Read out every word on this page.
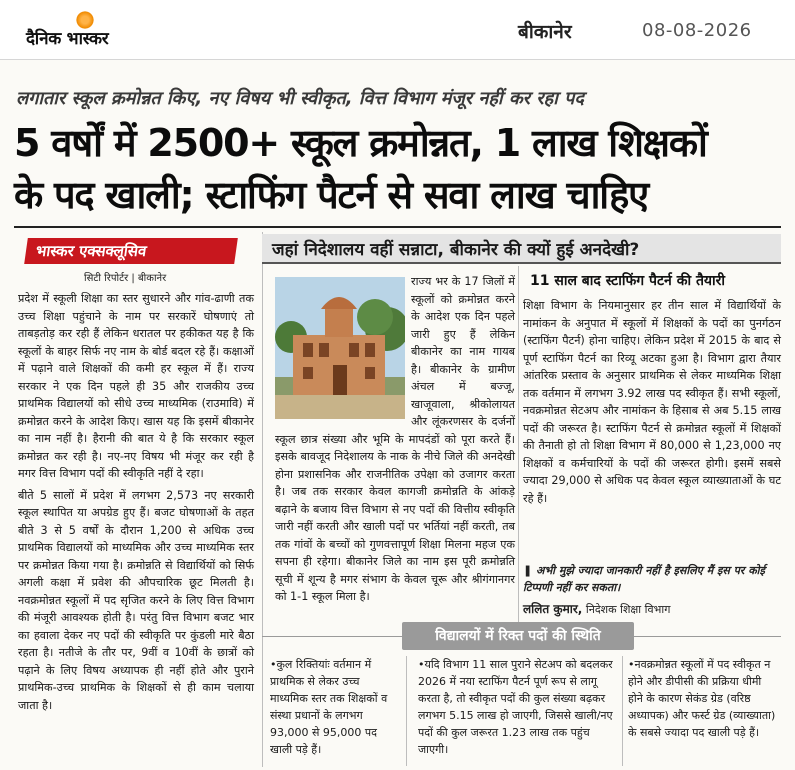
दैनिक भास्कर	बीकानेर	08-08-2026
लगातार स्कूल क्रमोन्नत किए, नए विषय भी स्वीकृत, वित्त विभाग मंजूर नहीं कर रहा पद
5 वर्षों में 2500+ स्कूल क्रमोन्नत, 1 लाख शिक्षकों
के पद खाली; स्टाफिंग पैटर्न से सवा लाख चाहिए
भास्कर एक्सक्लूसिव
सिटी रिपोर्टर | बीकानेर

प्रदेश में स्कूली शिक्षा का स्तर सुधारने और गांव-ढाणी तक उच्च शिक्षा पहुंचाने के नाम पर सरकारें घोषणाएं तो ताबड़तोड़ कर रही हैं लेकिन धरातल पर हकीकत यह है कि स्कूलों के बाहर सिर्फ नए नाम के बोर्ड बदल रहे हैं। कक्षाओं में पढ़ाने वाले शिक्षकों की कमी हर स्कूल में हैं। राज्य सरकार ने एक दिन पहले ही 35 और राजकीय उच्च प्राथमिक विद्यालयों को सीधे उच्च माध्यमिक (राउमावि) में क्रमोन्नत करने के आदेश किए। खास यह कि इसमें बीकानेर का नाम नहीं है। हैरानी की बात ये है कि सरकार स्कूल क्रमोन्नत कर रही है। नए-नए विषय भी मंजूर कर रही है मगर वित्त विभाग पदों की स्वीकृति नहीं दे रहा।

बीते 5 सालों में प्रदेश में लगभग 2,573 नए सरकारी स्कूल स्थापित या अपग्रेड हुए हैं। बजट घोषणाओं के तहत बीते 3 से 5 वर्षों के दौरान 1,200 से अधिक उच्च प्राथमिक विद्यालयों को माध्यमिक और उच्च माध्यमिक स्तर पर क्रमोन्नत किया गया है। क्रमोन्नति से विद्यार्थियों को सिर्फ अगली कक्षा में प्रवेश की औपचारिक छूट मिलती है। नवक्रमोन्नत स्कूलों में पद सृजित करने के लिए वित्त विभाग की मंजूरी आवश्यक होती है। परंतु वित्त विभाग बजट भार का हवाला देकर नए पदों की स्वीकृति पर कुंडली मारे बैठा रहता है। नतीजे के तौर पर, 9वीं व 10वीं के छात्रों को पढ़ाने के लिए विषय अध्यापक ही नहीं होते और पुराने प्राथमिक-उच्च प्राथमिक के शिक्षकों से ही काम चलाया जाता है।

जहां निदेशालय वहीं सन्नाटा, बीकानेर की क्यों हुई अनदेखी?

राज्य भर के 17 जिलों में स्कूलों को क्रमोन्नत करने के आदेश एक दिन पहले जारी हुए हैं लेकिन बीकानेर का नाम गायब है। बीकानेर के ग्रामीण अंचल में बज्जू, खाजूवाला, श्रीकोलायत और लूंकरणसर के दर्जनों स्कूल छात्र संख्या और भूमि के मापदंडों को पूरा करते हैं। इसके बावजूद निदेशालय के नाक के नीचे जिले की अनदेखी होना प्रशासनिक और राजनीतिक उपेक्षा को उजागर करता है। जब तक सरकार केवल कागजी क्रमोन्नति के आंकड़े बढ़ाने के बजाय वित्त विभाग से नए पदों की वित्तीय स्वीकृति जारी नहीं करती और खाली पदों पर भर्तियां नहीं करती, तब तक गांवों के बच्चों को गुणवत्तापूर्ण शिक्षा मिलना महज एक सपना ही रहेगा। बीकानेर जिले का नाम इस पूरी क्रमोन्नति सूची में शून्य है मगर संभाग के केवल चूरू और श्रीगंगानगर को 1-1 स्कूल मिला है।

11 साल बाद स्टाफिंग पैटर्न की तैयारी

शिक्षा विभाग के नियमानुसार हर तीन साल में विद्यार्थियों के नामांकन के अनुपात में स्कूलों में शिक्षकों के पदों का पुनर्गठन (स्टाफिंग पैटर्न) होना चाहिए। लेकिन प्रदेश में 2015 के बाद से पूर्ण स्टाफिंग पैटर्न का रिव्यू अटका हुआ है। विभाग द्वारा तैयार आंतरिक प्रस्ताव के अनुसार प्राथमिक से लेकर माध्यमिक शिक्षा तक वर्तमान में लगभग 3.92 लाख पद स्वीकृत हैं। सभी स्कूलों, नवक्रमोन्नत सेटअप और नामांकन के हिसाब से अब 5.15 लाख पदों की जरूरत है। स्टाफिंग पैटर्न से क्रमोन्नत स्कूलों में शिक्षकों की तैनाती हो तो शिक्षा विभाग में 80,000 से 1,23,000 नए शिक्षकों व कर्मचारियों के पदों की जरूरत होगी। इसमें सबसे ज्यादा 29,000 से अधिक पद केवल स्कूल व्याख्याताओं के घट रहे हैं।

❚ अभी मुझे ज्यादा जानकारी नहीं है इसलिए मैं इस पर कोई टिप्पणी नहीं कर सकता।
ललित कुमार, निदेशक शिक्षा विभाग
विद्यालयों में रिक्त पदों की स्थिति
•कुल रिक्तियांः वर्तमान में प्राथमिक से लेकर उच्च माध्यमिक स्तर तक शिक्षकों व संस्था प्रधानों के लगभग 93,000 से 95,000 पद खाली पड़े हैं।
•यदि विभाग 11 साल पुराने सेटअप को बदलकर 2026 में नया स्टाफिंग पैटर्न पूर्ण रूप से लागू करता है, तो स्वीकृत पदों की कुल संख्या बढ़कर लगभग 5.15 लाख हो जाएगी, जिससे खाली/नए पदों की कुल जरूरत 1.23 लाख तक पहुंच जाएगी।
•नवक्रमोन्नत स्कूलों में पद स्वीकृत न होने और डीपीसी की प्रक्रिया धीमी होने के कारण सेकंड ग्रेड (वरिष्ठ अध्यापक) और फर्स्ट ग्रेड (व्याख्याता) के सबसे ज्यादा पद खाली पड़े हैं।
